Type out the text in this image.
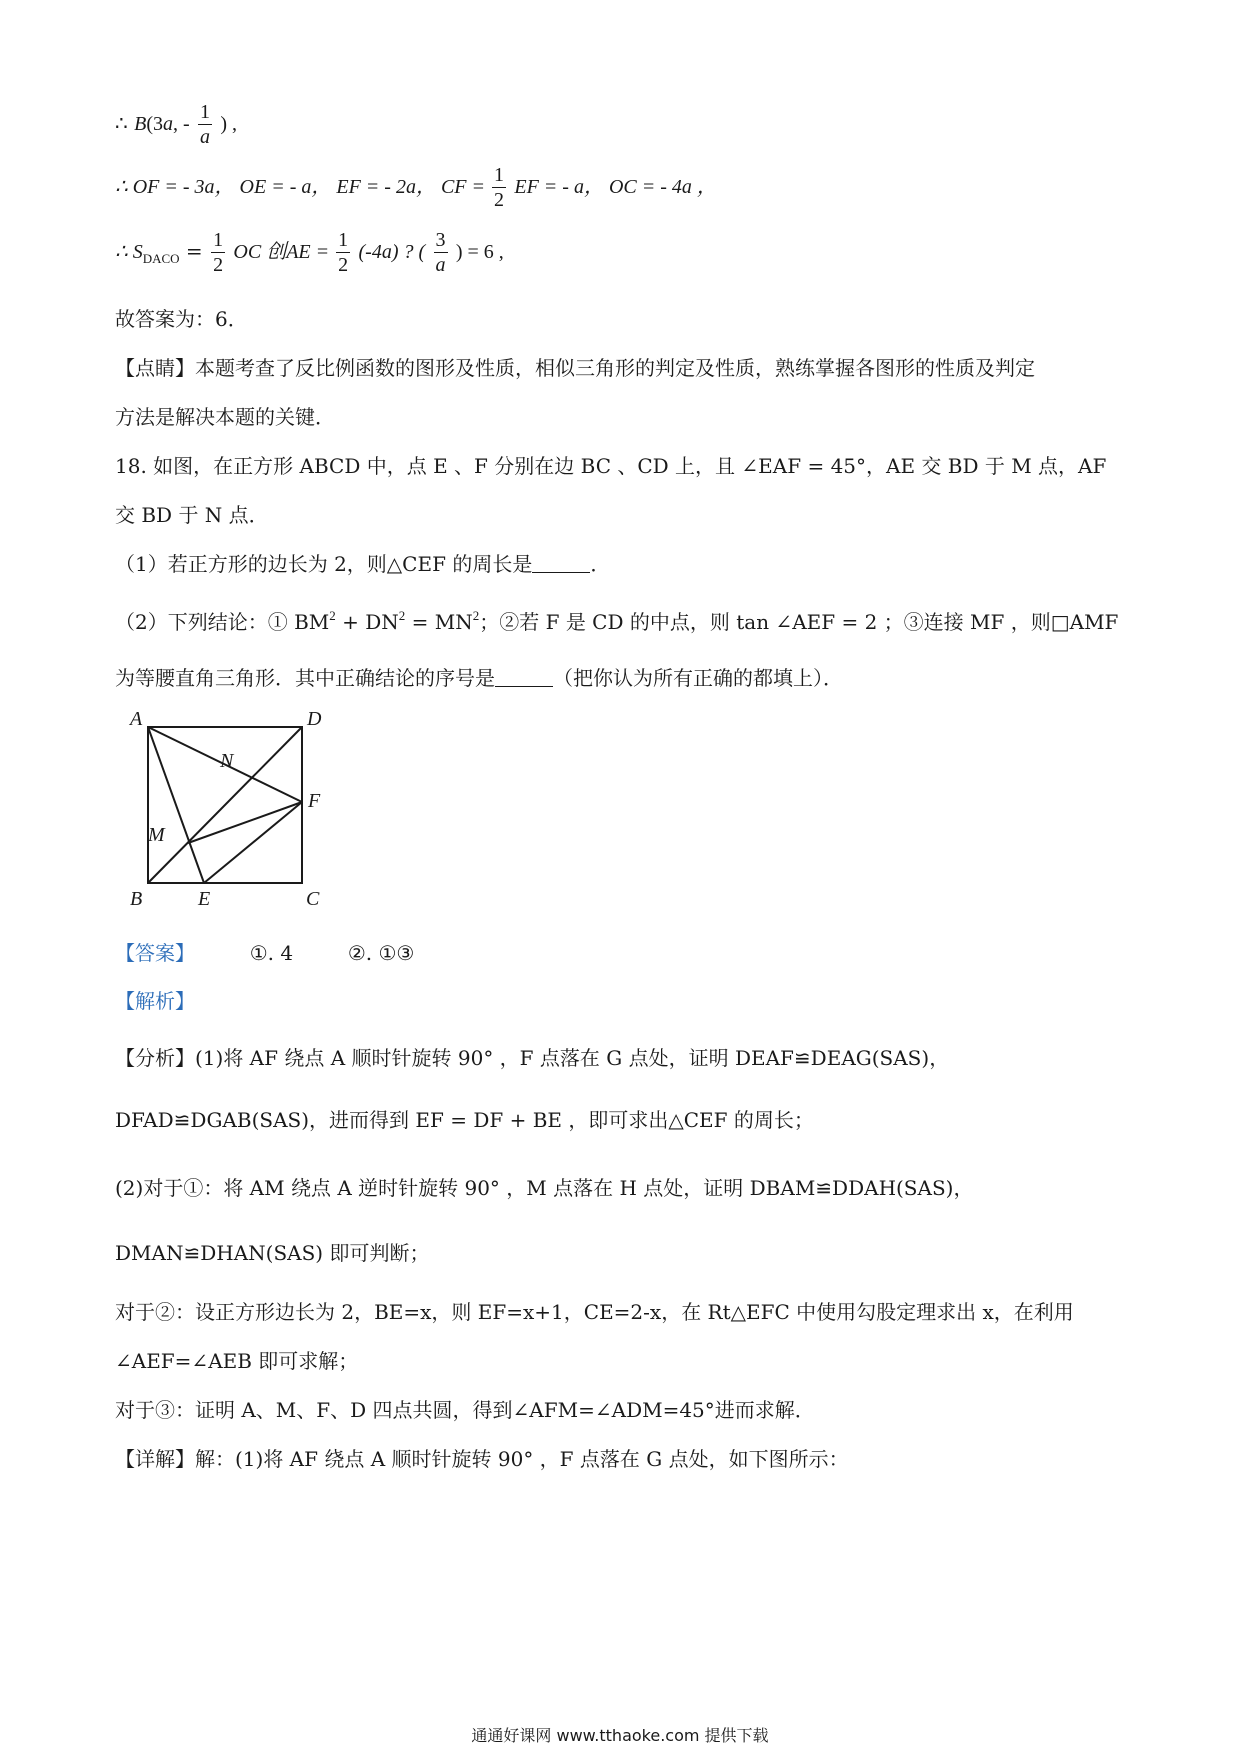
∴ B(3a, - $\frac{1}{a}$ ) ,
∴ OF = - 3a， OE = - a， EF = - 2a， CF = $\frac{1}{2}$ EF = - a， OC = - 4a ，
∴ $S_{DACO} = \frac{1}{2}$ OC 创AE = $\frac{1}{2} (-4a)$ ? ( $\frac{3}{a}$ ) = 6 ,
故答案为：6．
【点睛】本题考查了反比例函数的图形及性质，相似三角形的判定及性质，熟练掌握各图形的性质及判定
方法是解决本题的关键．
18. 如图，在正方形 ABCD 中，点 E 、F 分别在边 BC 、CD 上，且 ∠EAF = 45°，AE 交 BD 于 M 点，AF
交 BD 于 N 点．
（1）若正方形的边长为 2，则△CEF 的周长是	．
（2）下列结论：① $BM^2 + DN^2 = MN^2$；②若 F 是 CD 的中点，则 tan ∠AEF = 2 ；③连接 MF ，则□AMF
为等腰直角三角形．其中正确结论的序号是	（把你认为所有正确的都填上）．
A	D
N
F
M
B	E	C
【答案】	①. 4	②. ①③
【解析】
【分析】(1)将 AF 绕点 A 顺时针旋转 90° ，F 点落在 G 点处，证明 DEAF≌DEAG(SAS)，
DFAD≌DGAB(SAS)，进而得到 EF = DF + BE ，即可求出△CEF 的周长；
(2)对于①：将 AM 绕点 A 逆时针旋转 90° ，M 点落在 H 点处，证明 DBAM≌DDAH(SAS)，
DMAN≌DHAN(SAS) 即可判断；
对于②：设正方形边长为 2，BE=x，则 EF=x+1，CE=2-x，在 Rt△EFC 中使用勾股定理求出 x，在利用
∠AEF=∠AEB 即可求解；
对于③：证明 A、M、F、D 四点共圆，得到∠AFM=∠ADM=45°进而求解．
【详解】解：(1)将 AF 绕点 A 顺时针旋转 90° ，F 点落在 G 点处，如下图所示：
通通好课网 www.tthaoke.com 提供下载
